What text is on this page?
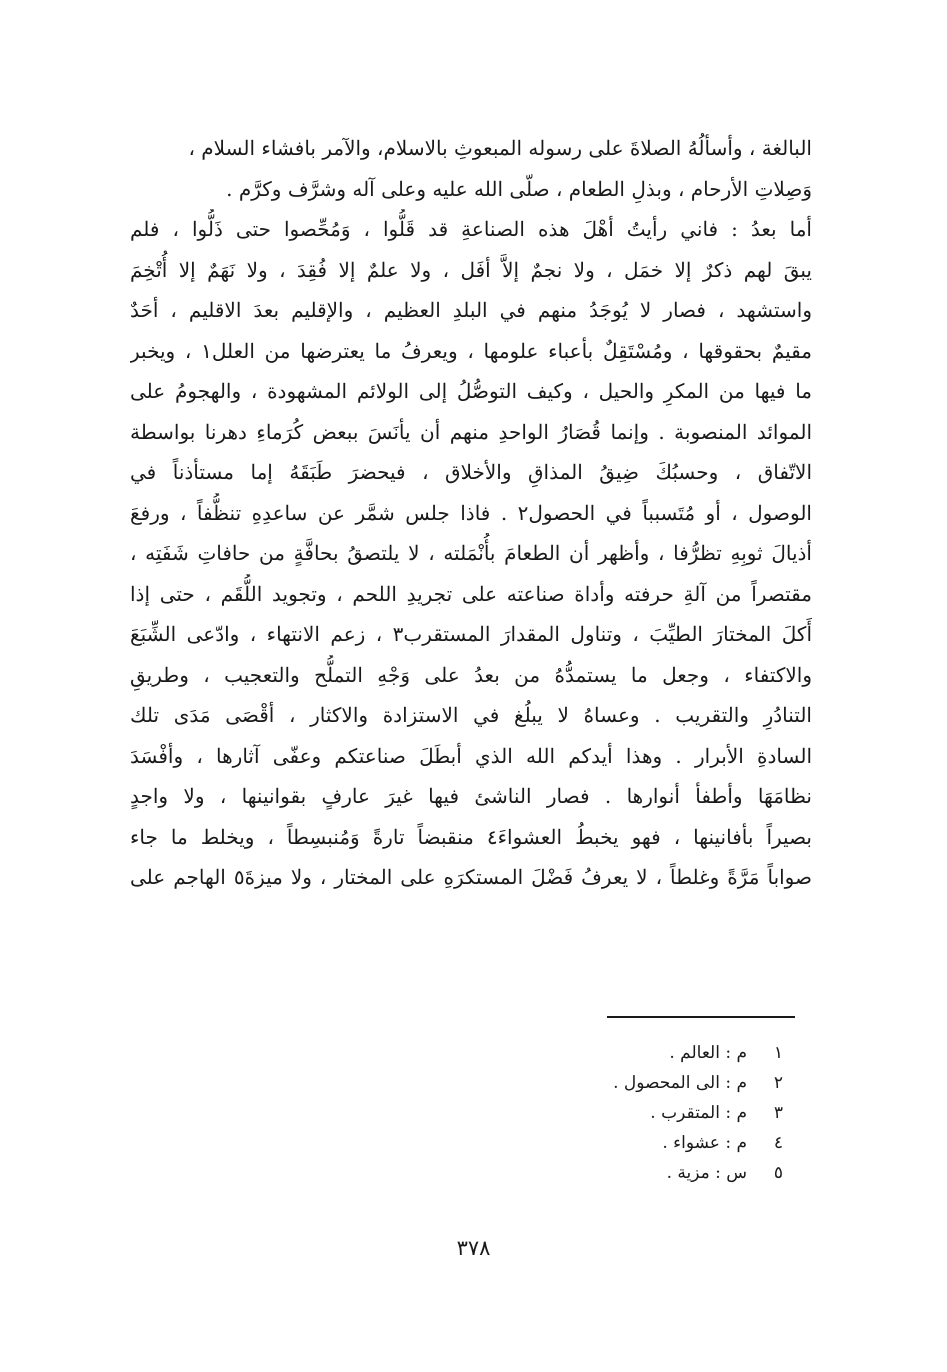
البالغة ، وأسألُهُ الصلاةَ على رسوله المبعوثِ بالاسلام، والآمر بافشاء السلام ،
وَصِلاتِ الأرحام ، وبذلِ الطعام ، صلّى الله عليه وعلى آله وشرَّف وكرَّم .
أما بعدُ : فاني رأيتُ أهْلَ هذه الصناعةِ قد قَلُّوا ، وَمُحِّصوا حتى ذَلُّوا ، فلم
يبقَ لهم ذكرٌ إلا خمَل ، ولا نجمٌ إلاَّ أفَل ، ولا علمٌ إلا فُقِدَ ، ولا نَهَمٌ إلا أُتْخِمَ
واستشهد ، فصار لا يُوجَدُ منهم في البلدِ العظيم ، والإقليم بعدَ الاقليم ، أحَدٌ
مقيمٌ بحقوقها ، ومُسْتَقِلٌ بأعباء علومها ، ويعرفُ ما يعترضها من العلل١ ، ويخبر
ما فيها من المكرِ والحيل ، وكيف التوصُّلُ إلى الولائم المشهودة ، والهجومُ على
الموائد المنصوبة . وإنما قُصَارُ الواحدِ منهم أن يأنَسَ ببعض كُرَماءِ دهرنا بواسطة
الاتّفاق ، وحسبُكَ ضِيقُ المذاقِ والأخلاق ، فيحضرَ طَبَقَهُ إما مستأذناً في
الوصول ، أو مُتَسبباً في الحصول٢ . فاذا جلس شمَّر عن ساعدِهِ تنظُّفاً ، ورفعَ
أذيالَ ثوبِهِ تظرُّفا ، وأظهر أن الطعامَ بأُنْمَلته ، لا يلتصقُ بحافَّةٍ من حافاتِ شَفَتِه ،
مقتصراً من آلةِ حرفته وأداة صناعته على تجريدِ اللحم ، وتجويد اللُّقَم ، حتى إذا
أَكلَ المختارَ الطيِّبَ ، وتناول المقدارَ المستقرب٣ ، زعم الانتهاء ، وادّعى الشِّبَعَ
والاكتفاء ، وجعل ما يستمدُّهُ من بعدُ على وَجْهِ التملُّح والتعجيب ، وطريقِ
التنادُرِ والتقريب . وعساهُ لا يبلُغ في الاستزادة والاكثار ، أقْصَى مَدَى تلك
السادةِ الأبرار . وهذا أيدكم الله الذي أبطَلَ صناعتكم وعفّى آثارها ، وأفْسَدَ
نظامَهَا وأطفأ أنوارها . فصار الناشئ فيها غيرَ عارفٍ بقوانينها ، ولا واجدٍ
بصيراً بأفانينها ، فهو يخبطُ العشواءَ٤ منقبضاً تارةً وَمُنبسِطاً ، ويخلط ما جاء
صواباً مَرَّةً وغلطاً ، لا يعرفُ فَضْلَ المستكرَهِ على المختار ، ولا ميزةَ٥ الهاجم على
١
م : العالم .
٢
م : الى المحصول .
٣
م : المتقرب .
٤
م : عشواء .
٥
س : مزية .
٣٧٨
